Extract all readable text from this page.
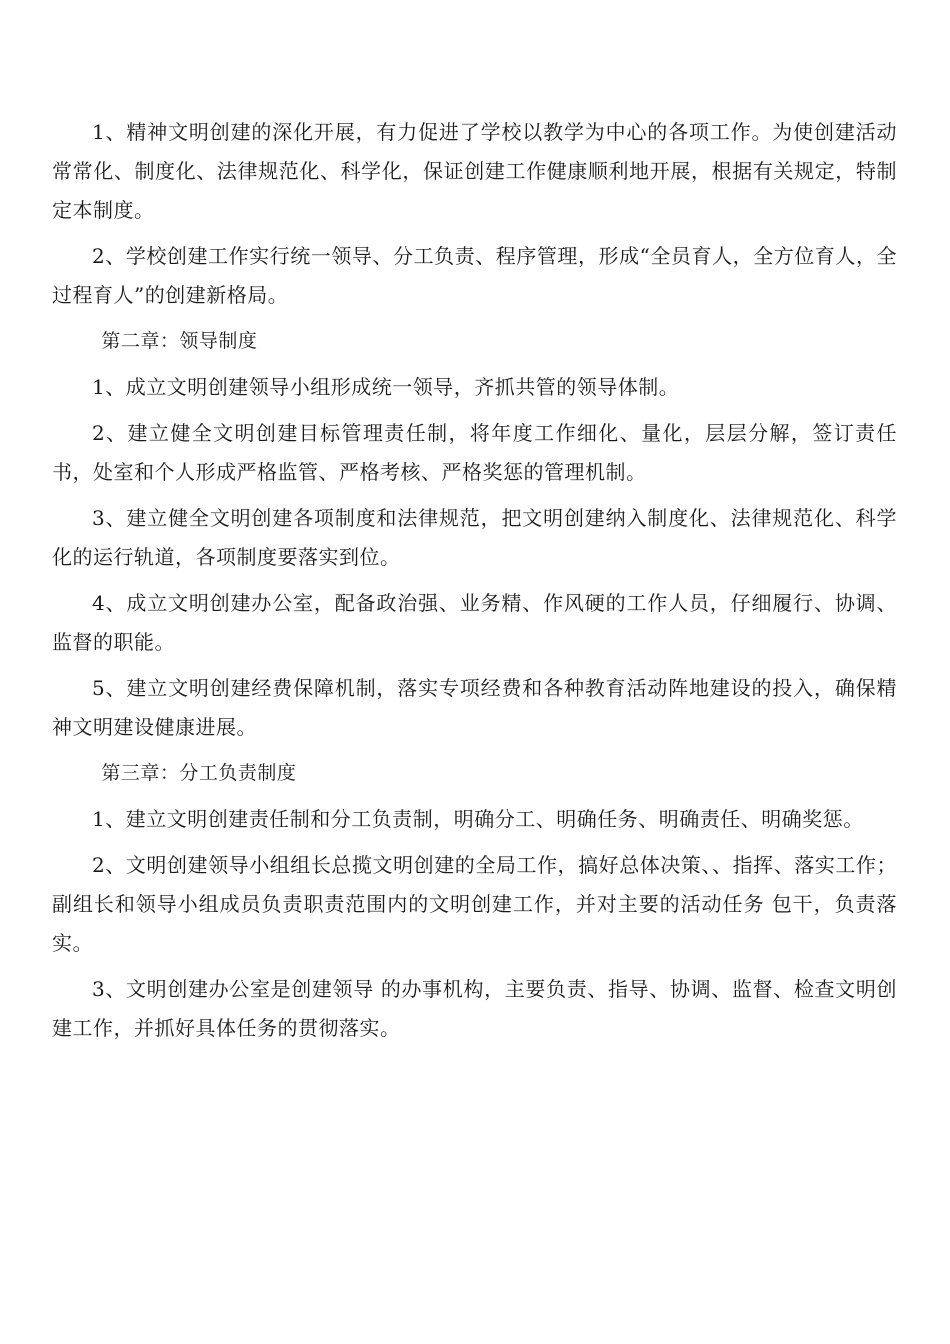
1、精神文明创建的深化开展，有力促进了学校以教学为中心的各项工作。为使创建活动常常化、制度化、法律规范化、科学化，保证创建工作健康顺利地开展，根据有关规定，特制定本制度。

2、学校创建工作实行统一领导、分工负责、程序管理，形成“全员育人，全方位育人，全过程育人”的创建新格局。

第二章：领导制度

1、成立文明创建领导小组形成统一领导，齐抓共管的领导体制。

2、建立健全文明创建目标管理责任制，将年度工作细化、量化，层层分解，签订责任书，处室和个人形成严格监管、严格考核、严格奖惩的管理机制。

3、建立健全文明创建各项制度和法律规范，把文明创建纳入制度化、法律规范化、科学化的运行轨道，各项制度要落实到位。

4、成立文明创建办公室，配备政治强、业务精、作风硬的工作人员，仔细履行、协调、监督的职能。

5、建立文明创建经费保障机制，落实专项经费和各种教育活动阵地建设的投入，确保精神文明建设健康进展。

第三章：分工负责制度

1、建立文明创建责任制和分工负责制，明确分工、明确任务、明确责任、明确奖惩。

2、文明创建领导小组组长总揽文明创建的全局工作，搞好总体决策、、指挥、落实工作；副组长和领导小组成员负责职责范围内的文明创建工作，并对主要的活动任务 包干，负责落实。

3、文明创建办公室是创建领导 的办事机构，主要负责、指导、协调、监督、检查文明创建工作，并抓好具体任务的贯彻落实。
